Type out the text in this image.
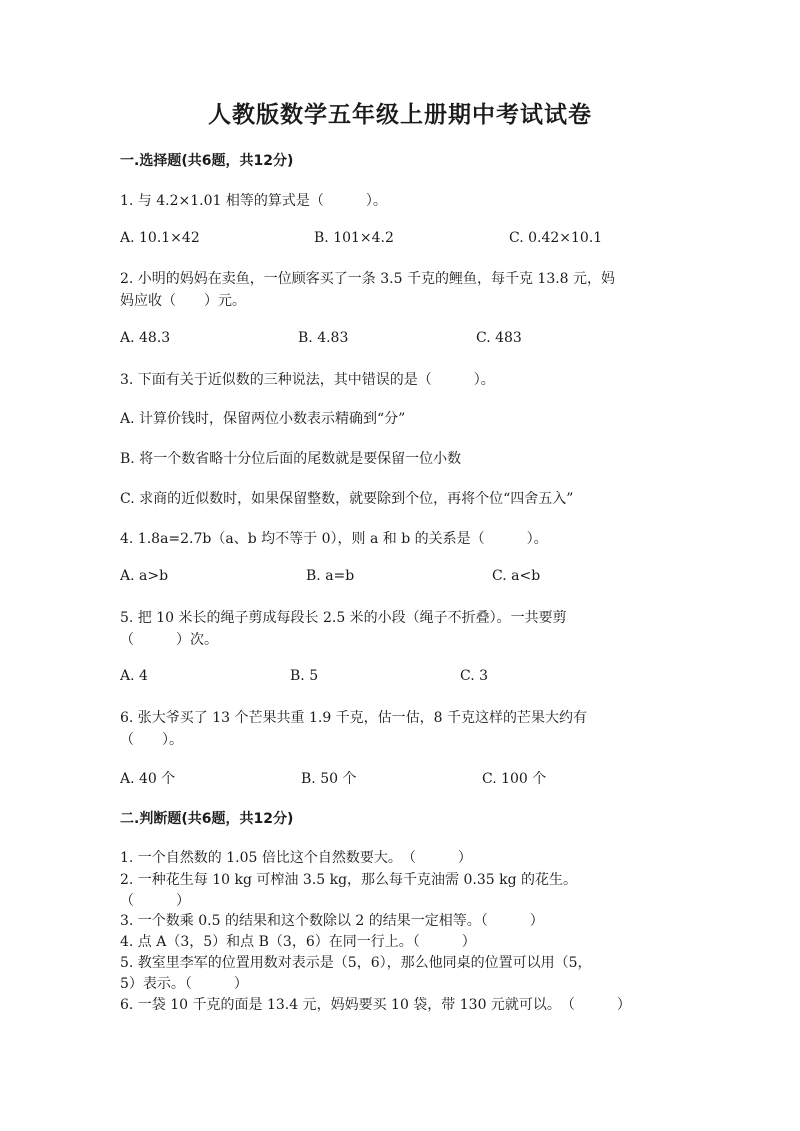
人教版数学五年级上册期中考试试卷
一.选择题(共6题，共12分)
1. 与 4.2×1.01 相等的算式是（　　　）。
A. 10.1×42	B. 101×4.2	C. 0.42×10.1
2. 小明的妈妈在卖鱼，一位顾客买了一条 3.5 千克的鲤鱼，每千克 13.8 元，妈
妈应收（　　）元。
A. 48.3	B. 4.83	C. 483
3. 下面有关于近似数的三种说法，其中错误的是（　　　）。
A. 计算价钱时，保留两位小数表示精确到“分”
B. 将一个数省略十分位后面的尾数就是要保留一位小数
C. 求商的近似数时，如果保留整数，就要除到个位，再将个位“四舍五入”
4. 1.8a=2.7b（a、b 均不等于 0），则 a 和 b 的关系是（　　　）。
A. a>b	B. a=b	C. a<b
5. 把 10 米长的绳子剪成每段长 2.5 米的小段（绳子不折叠）。一共要剪
（　　　）次。
A. 4	B. 5	C. 3
6. 张大爷买了 13 个芒果共重 1.9 千克，估一估，8 千克这样的芒果大约有
（　　）。
A. 40 个	B. 50 个	C. 100 个
二.判断题(共6题，共12分)
1. 一个自然数的 1.05 倍比这个自然数要大。　（　　　）
2. 一种花生每 10 kg 可榨油 3.5 kg，那么每千克油需 0.35 kg 的花生。
（　　　）
3. 一个数乘 0.5 的结果和这个数除以 2 的结果一定相等。（　　　）
4. 点 A（3，5）和点 B（3，6）在同一行上。（　　　）
5. 教室里李军的位置用数对表示是（5，6），那么他同桌的位置可以用（5，
5）表示。（　　　）
6. 一袋 10 千克的面是 13.4 元，妈妈要买 10 袋，带 130 元就可以。　（　　　）
